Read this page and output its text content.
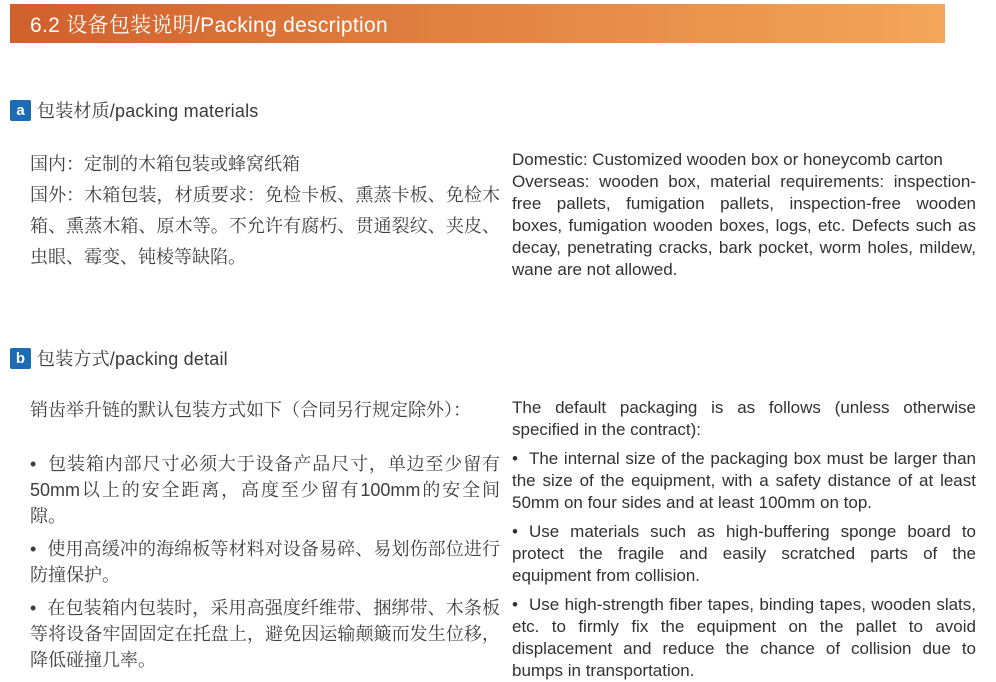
6.2 设备包装说明/Packing description
a 包装材质/packing materials

国内：定制的木箱包装或蜂窝纸箱

国外：木箱包装，材质要求：免检卡板、熏蒸卡板、免检木箱、熏蒸木箱、原木等。不允许有腐朽、贯通裂纹、夹皮、虫眼、霉变、钝棱等缺陷。

Domestic: Customized wooden box or honeycomb carton

Overseas: wooden box, material requirements: inspection-free pallets, fumigation pallets, inspection-free wooden boxes, fumigation wooden boxes, logs, etc. Defects such as decay, penetrating cracks, bark pocket, worm holes, mildew, wane are not allowed.

b 包装方式/packing detail

销齿举升链的默认包装方式如下（合同另行规定除外）：

• 包装箱内部尺寸必须大于设备产品尺寸，单边至少留有50mm以上的安全距离，高度至少留有100mm的安全间隙。

• 使用高缓冲的海绵板等材料对设备易碎、易划伤部位进行防撞保护。

• 在包装箱内包装时，采用高强度纤维带、捆绑带、木条板等将设备牢固固定在托盘上，避免因运输颠簸而发生位移，降低碰撞几率。

The default packaging is as follows (unless otherwise specified in the contract):

• The internal size of the packaging box must be larger than the size of the equipment, with a safety distance of at least 50mm on four sides and at least 100mm on top.

• Use materials such as high-buffering sponge board to protect the fragile and easily scratched parts of the equipment from collision.

• Use high-strength fiber tapes, binding tapes, wooden slats, etc. to firmly fix the equipment on the pallet to avoid displacement and reduce the chance of collision due to bumps in transportation.
